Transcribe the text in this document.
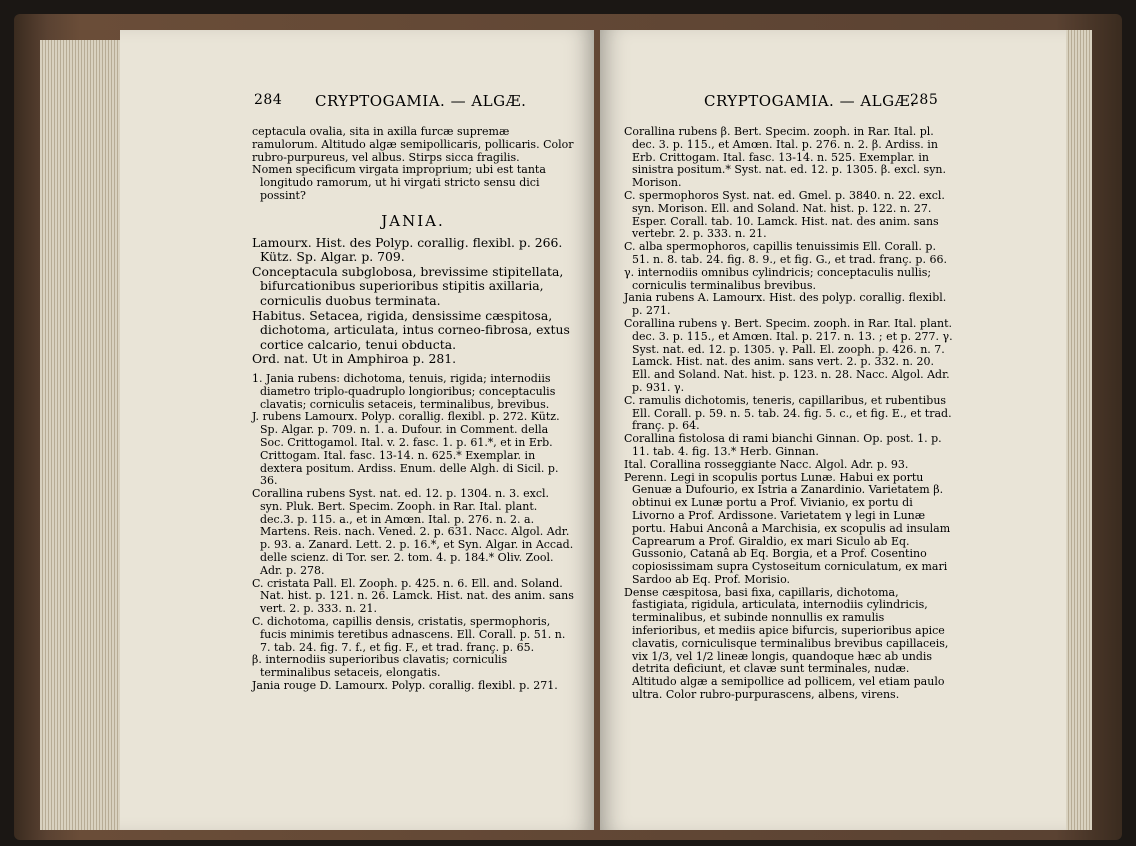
284 CRYPTOGAMIA. — ALGÆ.

ceptacula ovalia, sita in axilla furcæ supremæ ramulorum. Altitudo algæ semipollicaris, pollicaris. Color rubro-purpureus, vel albus. Stirps sicca fragilis.

Nomen specificum virgata improprium; ubi est tanta longitudo ramorum, ut hi virgati stricto sensu dici possint?

JANIA.

Lamourx. Hist. des Polyp. corallig. flexibl. p. 266. Kütz. Sp. Algar. p. 709.

Conceptacula subglobosa, brevissime stipitellata, bifurcationibus superioribus stipitis axillaria, corniculis duobus terminata.

Habitus. Setacea, rigida, densissime cæspitosa, dichotoma, articulata, intus corneo-fibrosa, extus cortice calcario, tenui obducta.

Ord. nat. Ut in Amphiroa p. 281.

1. Jania rubens: dichotoma, tenuis, rigida; internodiis diametro triplo-quadruplo longioribus; conceptaculis clavatis; corniculis setaceis, terminalibus, brevibus.

J. rubens Lamourx. Polyp. corallig. flexibl. p. 272. Kütz. Sp. Algar. p. 709. n. 1. a. Dufour. in Comment. della Soc. Crittogamol. Ital. v. 2. fasc. 1. p. 61.*, et in Erb. Crittogam. Ital. fasc. 13-14. n. 625.* Exemplar. in dextera positum. Ardiss. Enum. delle Algh. di Sicil. p. 36.

Corallina rubens Syst. nat. ed. 12. p. 1304. n. 3. excl. syn. Pluk. Bert. Specim. Zooph. in Rar. Ital. plant. dec.3. p. 115. a., et in Amœn. Ital. p. 276. n. 2. a. Martens. Reis. nach. Vened. 2. p. 631. Nacc. Algol. Adr. p. 93. a. Zanard. Lett. 2. p. 16.*, et Syn. Algar. in Accad. delle scienz. di Tor. ser. 2. tom. 4. p. 184.* Oliv. Zool. Adr. p. 278.

C. cristata Pall. El. Zooph. p. 425. n. 6. Ell. and. Soland. Nat. hist. p. 121. n. 26. Lamck. Hist. nat. des anim. sans vert. 2. p. 333. n. 21.

C. dichotoma, capillis densis, cristatis, spermophoris, fucis minimis teretibus adnascens. Ell. Corall. p. 51. n. 7. tab. 24. fig. 7. f., et fig. F., et trad. franç. p. 65.

β. internodiis superioribus clavatis; corniculis terminalibus setaceis, elongatis.

Jania rouge D. Lamourx. Polyp. corallig. flexibl. p. 271.

CRYPTOGAMIA. — ALGÆ.
285

Corallina rubens β. Bert. Specim. zooph. in Rar. Ital. pl. dec. 3. p. 115., et Amœn. Ital. p. 276. n. 2. β. Ardiss. in Erb. Crittogam. Ital. fasc. 13-14. n. 525. Exemplar. in sinistra positum.* Syst. nat. ed. 12. p. 1305. β. excl. syn. Morison.

C. spermophoros Syst. nat. ed. Gmel. p. 3840. n. 22. excl. syn. Morison. Ell. and Soland. Nat. hist. p. 122. n. 27. Esper. Corall. tab. 10. Lamck. Hist. nat. des anim. sans vertebr. 2. p. 333. n. 21.

C. alba spermophoros, capillis tenuissimis Ell. Corall. p. 51. n. 8. tab. 24. fig. 8. 9., et fig. G., et trad. franç. p. 66.

γ. internodiis omnibus cylindricis; conceptaculis nullis; corniculis terminalibus brevibus.

Jania rubens A. Lamourx. Hist. des polyp. corallig. flexibl. p. 271.

Corallina rubens γ. Bert. Specim. zooph. in Rar. Ital. plant. dec. 3. p. 115., et Amœn. Ital. p. 217. n. 13. ; et p. 277. γ. Syst. nat. ed. 12. p. 1305. γ. Pall. El. zooph. p. 426. n. 7. Lamck. Hist. nat. des anim. sans vert. 2. p. 332. n. 20. Ell. and Soland. Nat. hist. p. 123. n. 28. Nacc. Algol. Adr. p. 931. γ.

C. ramulis dichotomis, teneris, capillaribus, et rubentibus Ell. Corall. p. 59. n. 5. tab. 24. fig. 5. c., et fig. E., et trad. franç. p. 64.

Corallina fistolosa di rami bianchi Ginnan. Op. post. 1. p. 11. tab. 4. fig. 13.* Herb. Ginnan.

Ital. Corallina rosseggiante Nacc. Algol. Adr. p. 93.

Perenn. Legi in scopulis portus Lunæ. Habui ex portu Genuæ a Dufourio, ex Istria a Zanardinio. Varietatem β. obtinui ex Lunæ portu a Prof. Vivianio, ex portu di Livorno a Prof. Ardissone. Varietatem γ legi in Lunæ portu. Habui Anconâ a Marchisia, ex scopulis ad insulam Caprearum a Prof. Giraldio, ex mari Siculo ab Eq. Gussonio, Catanâ ab Eq. Borgia, et a Prof. Cosentino copiosissimam supra Cystoseitum corniculatum, ex mari Sardoo ab Eq. Prof. Morisio.

Dense cæspitosa, basi fixa, capillaris, dichotoma, fastigiata, rigidula, articulata, internodiis cylindricis, terminalibus, et subinde nonnullis ex ramulis inferioribus, et mediis apice bifurcis, superioribus apice clavatis, corniculisque terminalibus brevibus capillaceis, vix 1/3, vel 1/2 lineæ longis, quandoque hæc ab undis detrita deficiunt, et clavæ sunt terminales, nudæ. Altitudo algæ a semipollice ad pollicem, vel etiam paulo ultra. Color rubro-purpurascens, albens, virens.
